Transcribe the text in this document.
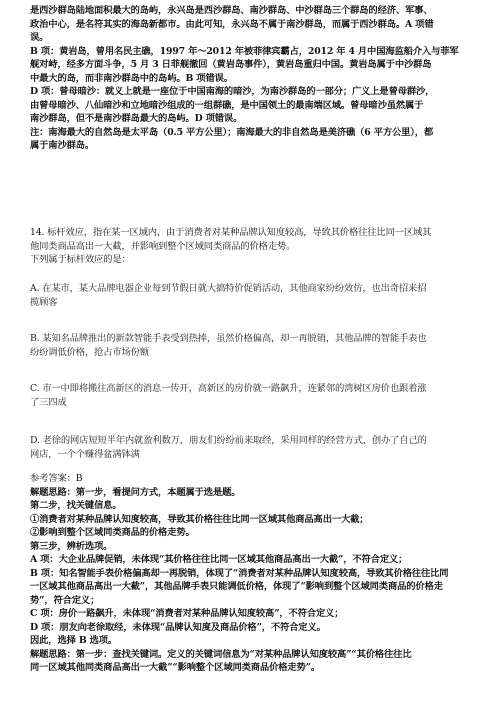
是西沙群岛陆地面积最大的岛屿，永兴岛是西沙群岛、南沙群岛、中沙群岛三个群岛的经济、军事、
政治中心，是名符其实的海岛新都市。由此可知，永兴岛不属于南沙群岛，而属于西沙群岛。A 项错
误。
B 项：黄岩岛，曾用名民主礁，1997 年～2012 年被菲律宾霸占，2012 年 4 月中国海监船介入与菲军
舰对峙，经多方面斗争，5 月 3 日菲舰撤回（黄岩岛事件），黄岩岛重归中国。黄岩岛属于中沙群岛
中最大的岛，而非南沙群岛中的岛屿。B 项错误。
D 项：曾母暗沙：就义上就是一座位于中国南海的暗沙，为南沙群岛的一部分；广义上是曾母群沙，
由曾母暗沙、八仙暗沙和立地暗沙组成的一组群礁，是中国领土的最南端区域。曾母暗沙虽然属于
南沙群岛，但不是南沙群岛最大的岛屿。D 项错误。
注：南海最大的自然岛是太平岛（0.5 平方公里）；南海最大的非自然岛是美济礁（6 平方公里），都
属于南沙群岛。
14. 标杆效应，指在某一区域内，由于消费者对某种品牌认知度较高，导致其价格往往比同一区域其
他同类商品高出一大截，并影响到整个区域同类商品的价格走势。
下列属于标杆效应的是：
A. 在某市，某大品牌电器企业每到节假日就大搞特价促销活动，其他商家纷纷效仿，也出奇招来招
揽顾客
B. 某知名品牌推出的新款智能手表受到热捧，虽然价格偏高，却一再脱销，其他品牌的智能手表也
纷纷调低价格，抢占市场份额
C. 市一中即将搬往高新区的消息一传开，高新区的房价就一路飙升，连紧邻的湾树区房价也跟着涨
了三四成
D. 老徐的网店短短半年内就盈利数万，朋友们纷纷前来取经，采用同样的经营方式，创办了自己的
网店，一个个赚得盆满钵满
参考答案：B
解题思路：第一步，看提问方式，本题属于选是题。
第二步，找关键信息。
①消费者对某种品牌认知度较高，导致其价格往往比同一区域其他商品高出一大截；
②影响到整个区域同类商品的价格走势。
第三步，辨析选项。
A 项：大企业品牌促销，未体现“其价格往往比同一区域其他商品高出一大截”，不符合定义；
B 项：知名智能手表价格偏高却一再脱销，体现了“消费者对某种品牌认知度较高，导致其价格往往比同
一区域其他商品高出一大截”，其他品牌手表只能调低价格，体现了“影响到整个区域同类商品的价格走
势”，符合定义；
C 项：房价一路飙升，未体现“消费者对某种品牌认知度较高”，不符合定义；
D 项：朋友向老徐取经，未体现“品牌认知度及商品价格”，不符合定义。
因此，选择 B 选项。
解题思路：第一步：查找关键词。定义的关键词信息为“对某种品牌认知度较高”“其价格往往比
同一区域其他同类商品高出一大截”“影响整个区域同类商品价格走势”。
